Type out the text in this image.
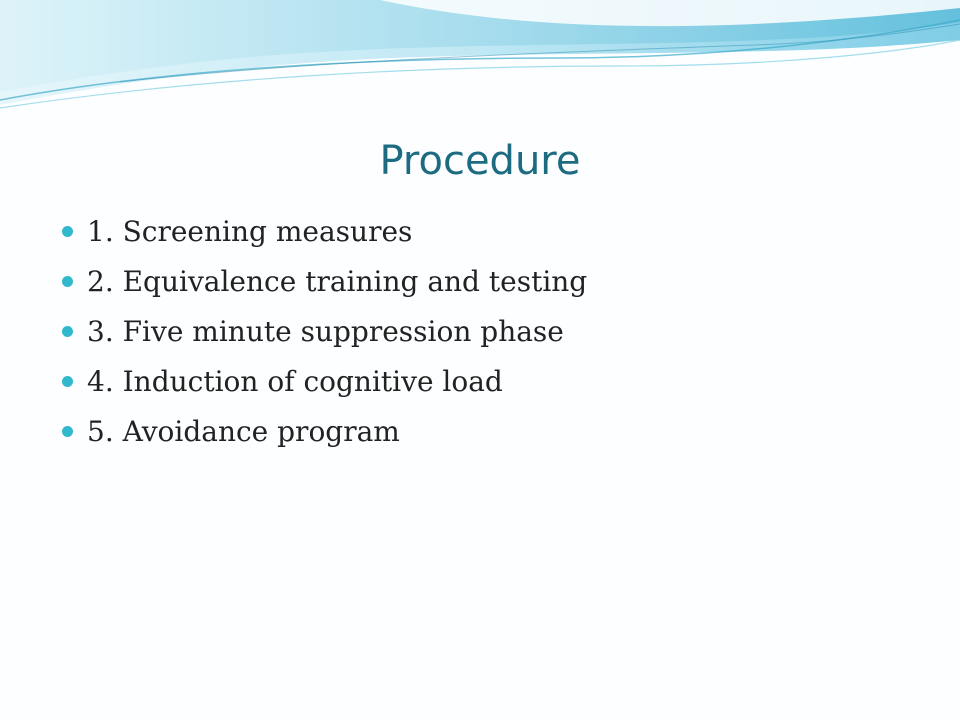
Procedure
1. Screening measures
2. Equivalence training and testing
3. Five minute suppression phase
4. Induction of cognitive load
5. Avoidance program
